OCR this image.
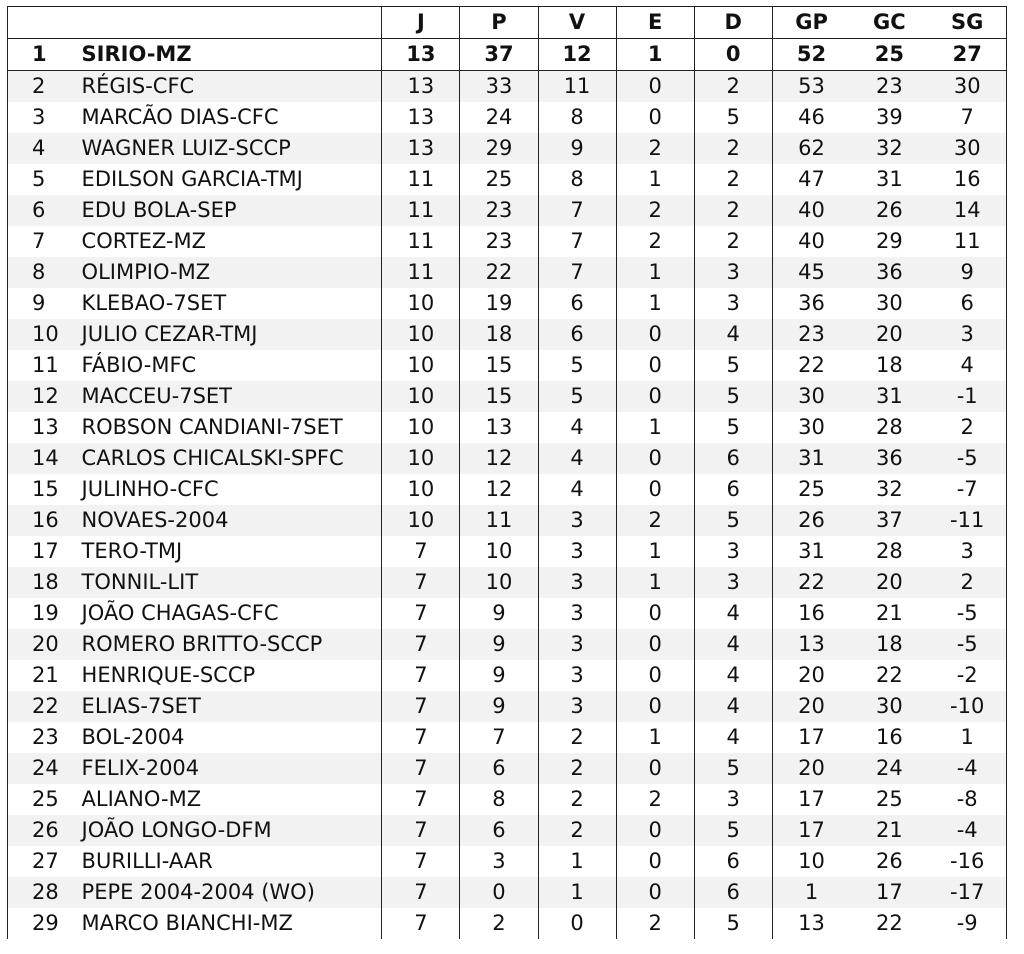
		J	P	V	E	D	GP	GC	SG
1	SIRIO-MZ	13	37	12	1	0	52	25	27
2	RÉGIS-CFC	13	33	11	0	2	53	23	30
3	MARCÃO DIAS-CFC	13	24	8	0	5	46	39	7
4	WAGNER LUIZ-SCCP	13	29	9	2	2	62	32	30
5	EDILSON GARCIA-TMJ	11	25	8	1	2	47	31	16
6	EDU BOLA-SEP	11	23	7	2	2	40	26	14
7	CORTEZ-MZ	11	23	7	2	2	40	29	11
8	OLIMPIO-MZ	11	22	7	1	3	45	36	9
9	KLEBAO-7SET	10	19	6	1	3	36	30	6
10	JULIO CEZAR-TMJ	10	18	6	0	4	23	20	3
11	FÁBIO-MFC	10	15	5	0	5	22	18	4
12	MACCEU-7SET	10	15	5	0	5	30	31	-1
13	ROBSON CANDIANI-7SET	10	13	4	1	5	30	28	2
14	CARLOS CHICALSKI-SPFC	10	12	4	0	6	31	36	-5
15	JULINHO-CFC	10	12	4	0	6	25	32	-7
16	NOVAES-2004	10	11	3	2	5	26	37	-11
17	TERO-TMJ	7	10	3	1	3	31	28	3
18	TONNIL-LIT	7	10	3	1	3	22	20	2
19	JOÃO CHAGAS-CFC	7	9	3	0	4	16	21	-5
20	ROMERO BRITTO-SCCP	7	9	3	0	4	13	18	-5
21	HENRIQUE-SCCP	7	9	3	0	4	20	22	-2
22	ELIAS-7SET	7	9	3	0	4	20	30	-10
23	BOL-2004	7	7	2	1	4	17	16	1
24	FELIX-2004	7	6	2	0	5	20	24	-4
25	ALIANO-MZ	7	8	2	2	3	17	25	-8
26	JOÃO LONGO-DFM	7	6	2	0	5	17	21	-4
27	BURILLI-AAR	7	3	1	0	6	10	26	-16
28	PEPE 2004-2004 (WO)	7	0	1	0	6	1	17	-17
29	MARCO BIANCHI-MZ	7	2	0	2	5	13	22	-9
